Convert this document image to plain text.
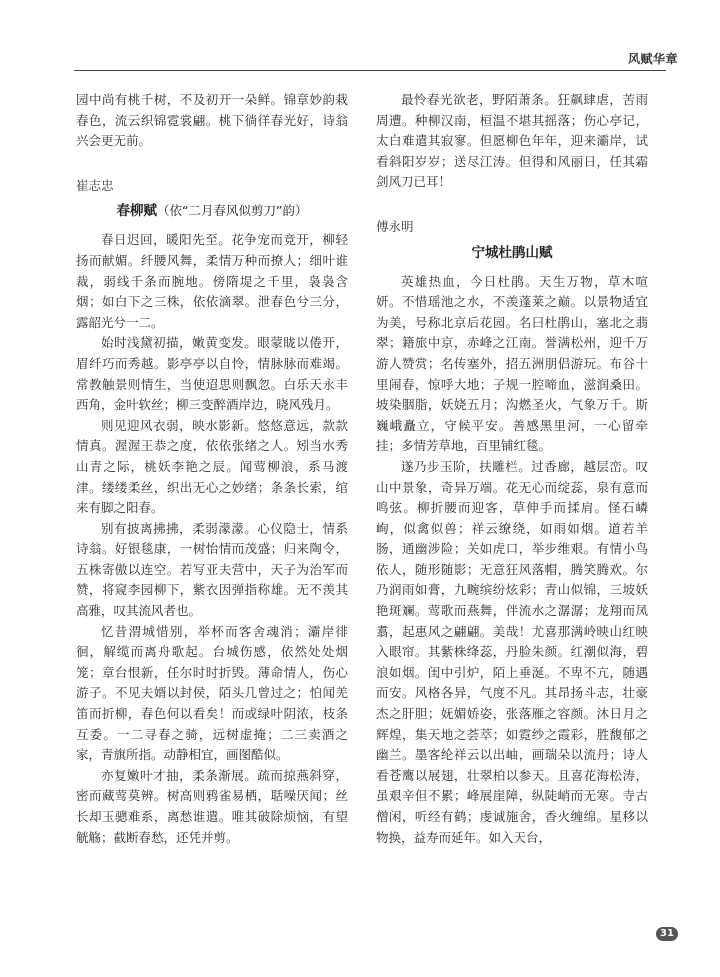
风赋华章

园中尚有桃千树，不及初开一朵鲜。锦章妙韵栽春色，流云织锦霓裳翩。桃下徜徉春光好，诗翁兴会更无前。

崔志忠
春柳赋（依“二月春风似剪刀”韵）

春日迟回，暖阳先至。花争宠而竞开，柳轻扬而献媚。纤腰风舞，柔情万种而撩人；细叶谁裁，弱线千条而腕地。傍隋堤之千里，袅袅含烟；如白下之三株，依依滴翠。泄春色兮三分，露韶光兮一二。

始时浅黛初描，嫩黄变发。眼蒙眬以倦开，眉纤巧而秀越。影亭亭以自怜，情脉脉而难竭。常教触景则情生，当使迢思则飘忽。白乐天永丰西角，金叶软丝；柳三变醉酒岸边，晓风残月。

则见迎风衣弱，映水影新。悠悠意远，款款情真。渥渥王恭之度，依依张绪之人。矧当水秀山青之际，桃妖李艳之辰。闻莺柳浪，系马渡津。缕缕柔丝，织出无心之妙绪；条条长索，绾来有脚之阳春。

别有披离拂拂，柔弱濛濛。心仪隐士，情系诗翁。好银毯康，一树怡情而茂盛；归来陶令，五株寄傲以连空。若写亚夫营中，天子为治军而赞，将窥李园柳下，紫衣因弹指称雄。无不羡其高雅，叹其流风者也。

忆昔渭城惜别，举杯而客舍魂消；灞岸徘徊，解缆而离舟歌起。台城伤感，依然处处烟笼；章台恨新，任尔时时折毁。薄命情人，伤心游子。不见夫婿以封侯，陌头几曾过之；怕闻羌笛而折柳，春色何以看矣！而或绿叶阴浓，枝条互委。一二寻春之骑，远树虚掩；二三卖酒之家，青旗所指。动静相宜，画图酷似。

亦复嫩叶才抽，柔条渐展。疏而掠燕斜穿，密而藏莺莫辨。树高则鸦雀易栖，聒噪厌闻；丝长却玉骢难系，离愁谁遣。唯其破除烦恼，有望觥觞；截断春愁，还凭并剪。

最怜春光欲老，野陌萧条。狂飙肆虐，苦雨周遭。种柳汉南，桓温不堪其摇落；伤心亭记，太白难遣其寂寥。但愿柳色年年，迎来灞岸，试看斜阳岁岁；送尽江涛。但得和风丽日，任其霜剑风刀已耳！

傅永明
宁城杜鹃山赋

英雄热血，今日杜鹃。天生万物，草木喧妍。不惜瑶池之水，不羡蓬莱之巅。以景物适宜为美，号称北京后花园。名曰杜鹃山，塞北之翡翠；籍旅中京，赤峰之江南。誉满松州，迎千万游人赞赏；名传塞外，招五洲朋侣游玩。布谷十里闹春，惊呼大地；子规一腔啼血，滋润桑田。坡染胭脂，妖娆五月；沟燃圣火，气象万千。斯巍峨矗立，守候平安。善感黑里河，一心留牵挂；多情芳草地，百里铺红毯。

遂乃步玉阶，扶雕栏。过香廊，越层峦。叹山中景象，奇异万端。花无心而绽蕊，泉有意而鸣弦。柳折腰而迎客，草伸手而揉肩。怪石嶙峋，似禽似兽；祥云缭绕，如雨如烟。道若羊肠，通幽涉险；关如虎口，举步维艰。有情小鸟依人，随形随影；无意狂风落帽，腾笑腾欢。尔乃润雨如膏，九畹缤纷炫彩；青山似锦，三坡妖艳斑斓。莺歌而燕舞，伴流水之潺潺；龙翔而凤翥，起惠风之翩翩。美哉！尤喜那满岭映山红映入眼帘。其紫株绛蕊，丹脸朱颜。红潮似海，碧浪如烟。闺中引炉，陌上垂涎。不卑不亢，随遇而安。风格各异，气度不凡。其昂扬斗志，壮豪杰之肝胆；妩媚娇姿，张落雁之容颜。沐日月之辉煌，集天地之荟萃；如霓纱之霞彩，胜馥郁之幽兰。墨客纶祥云以出岫，画瑞朵以流丹；诗人看苍鹰以展翅，壮翠柏以参天。且喜花海松涛，虽艰辛但不累；峰展崖障，纵陡峭而无寒。寺古僧闲，听经有鹤；虔诚施舍，香火缠绵。星移以物换，益寿而延年。如入天台，

31
